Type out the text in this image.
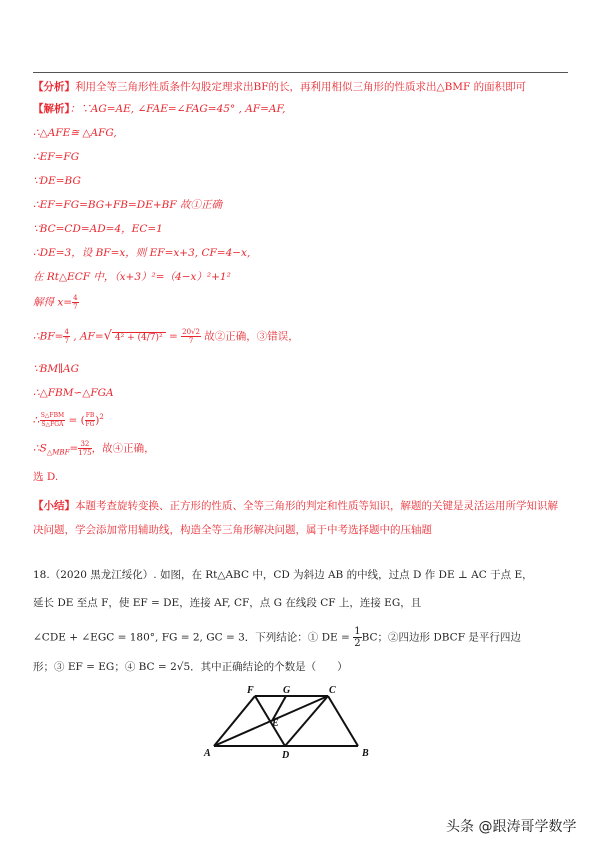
【分析】利用全等三角形性质条件勾股定理求出BF的长，再利用相似三角形的性质求出△BMF 的面积即可
【解析】：∵AG=AE, ∠FAE=∠FAG=45° , AF=AF,
∴△AFE≅ △AFG,
∴EF=FG
∵DE=BG
∴EF=FG=BG+FB=DE+BF 故①正确
∵BC=CD=AD=4，EC=1
∴DE=3，设 BF=x，则 EF=x+3, CF=4−x,
在 Rt△ECF 中，（x+3）²=（4−x）²+1²
解得 $x= \frac{4}{7}$
∴BF= $\frac{4}{7}$ , AF=√ $4^2 + (4/7)^2 = \frac{20√2}{7}$ 故②正确，③错误，
∵BM∥AG
∴△FBM∽△FGA
∴ $\frac{\text{S△FBM}}{\text{S△FGA}}$ = ( $\frac{FB}{FG} )^2$
$\therefore S_{\triangle MBF}= \frac{32}{175}$ ，故④正确，
选 D.
【小结】本题考查旋转变换、正方形的性质、全等三角形的判定和性质等知识，解题的关键是灵活运用所学知识解决问题，学会添加常用辅助线，构造全等三角形解决问题，属于中考选择题中的压轴题
18.（2020 黑龙江绥化）. 如图，在 Rt△ABC 中，CD 为斜边 AB 的中线，过点 D 作 DE ⊥ AC 于点 E，
延长 DE 至点 F，使 EF = DE，连接 AF, CF，点 G 在线段 CF 上，连接 EG，且
∠CDE + ∠EGC = 180°, FG = 2, GC = 3．下列结论：① DE = $\frac{1}{2}$ BC；②四边形 DBCF 是平行四边
形；③ EF = EG；④ BC = 2√5．其中正确结论的个数是（　　）
F	G	C
E
A	D	B
头条 @跟涛哥学数学
